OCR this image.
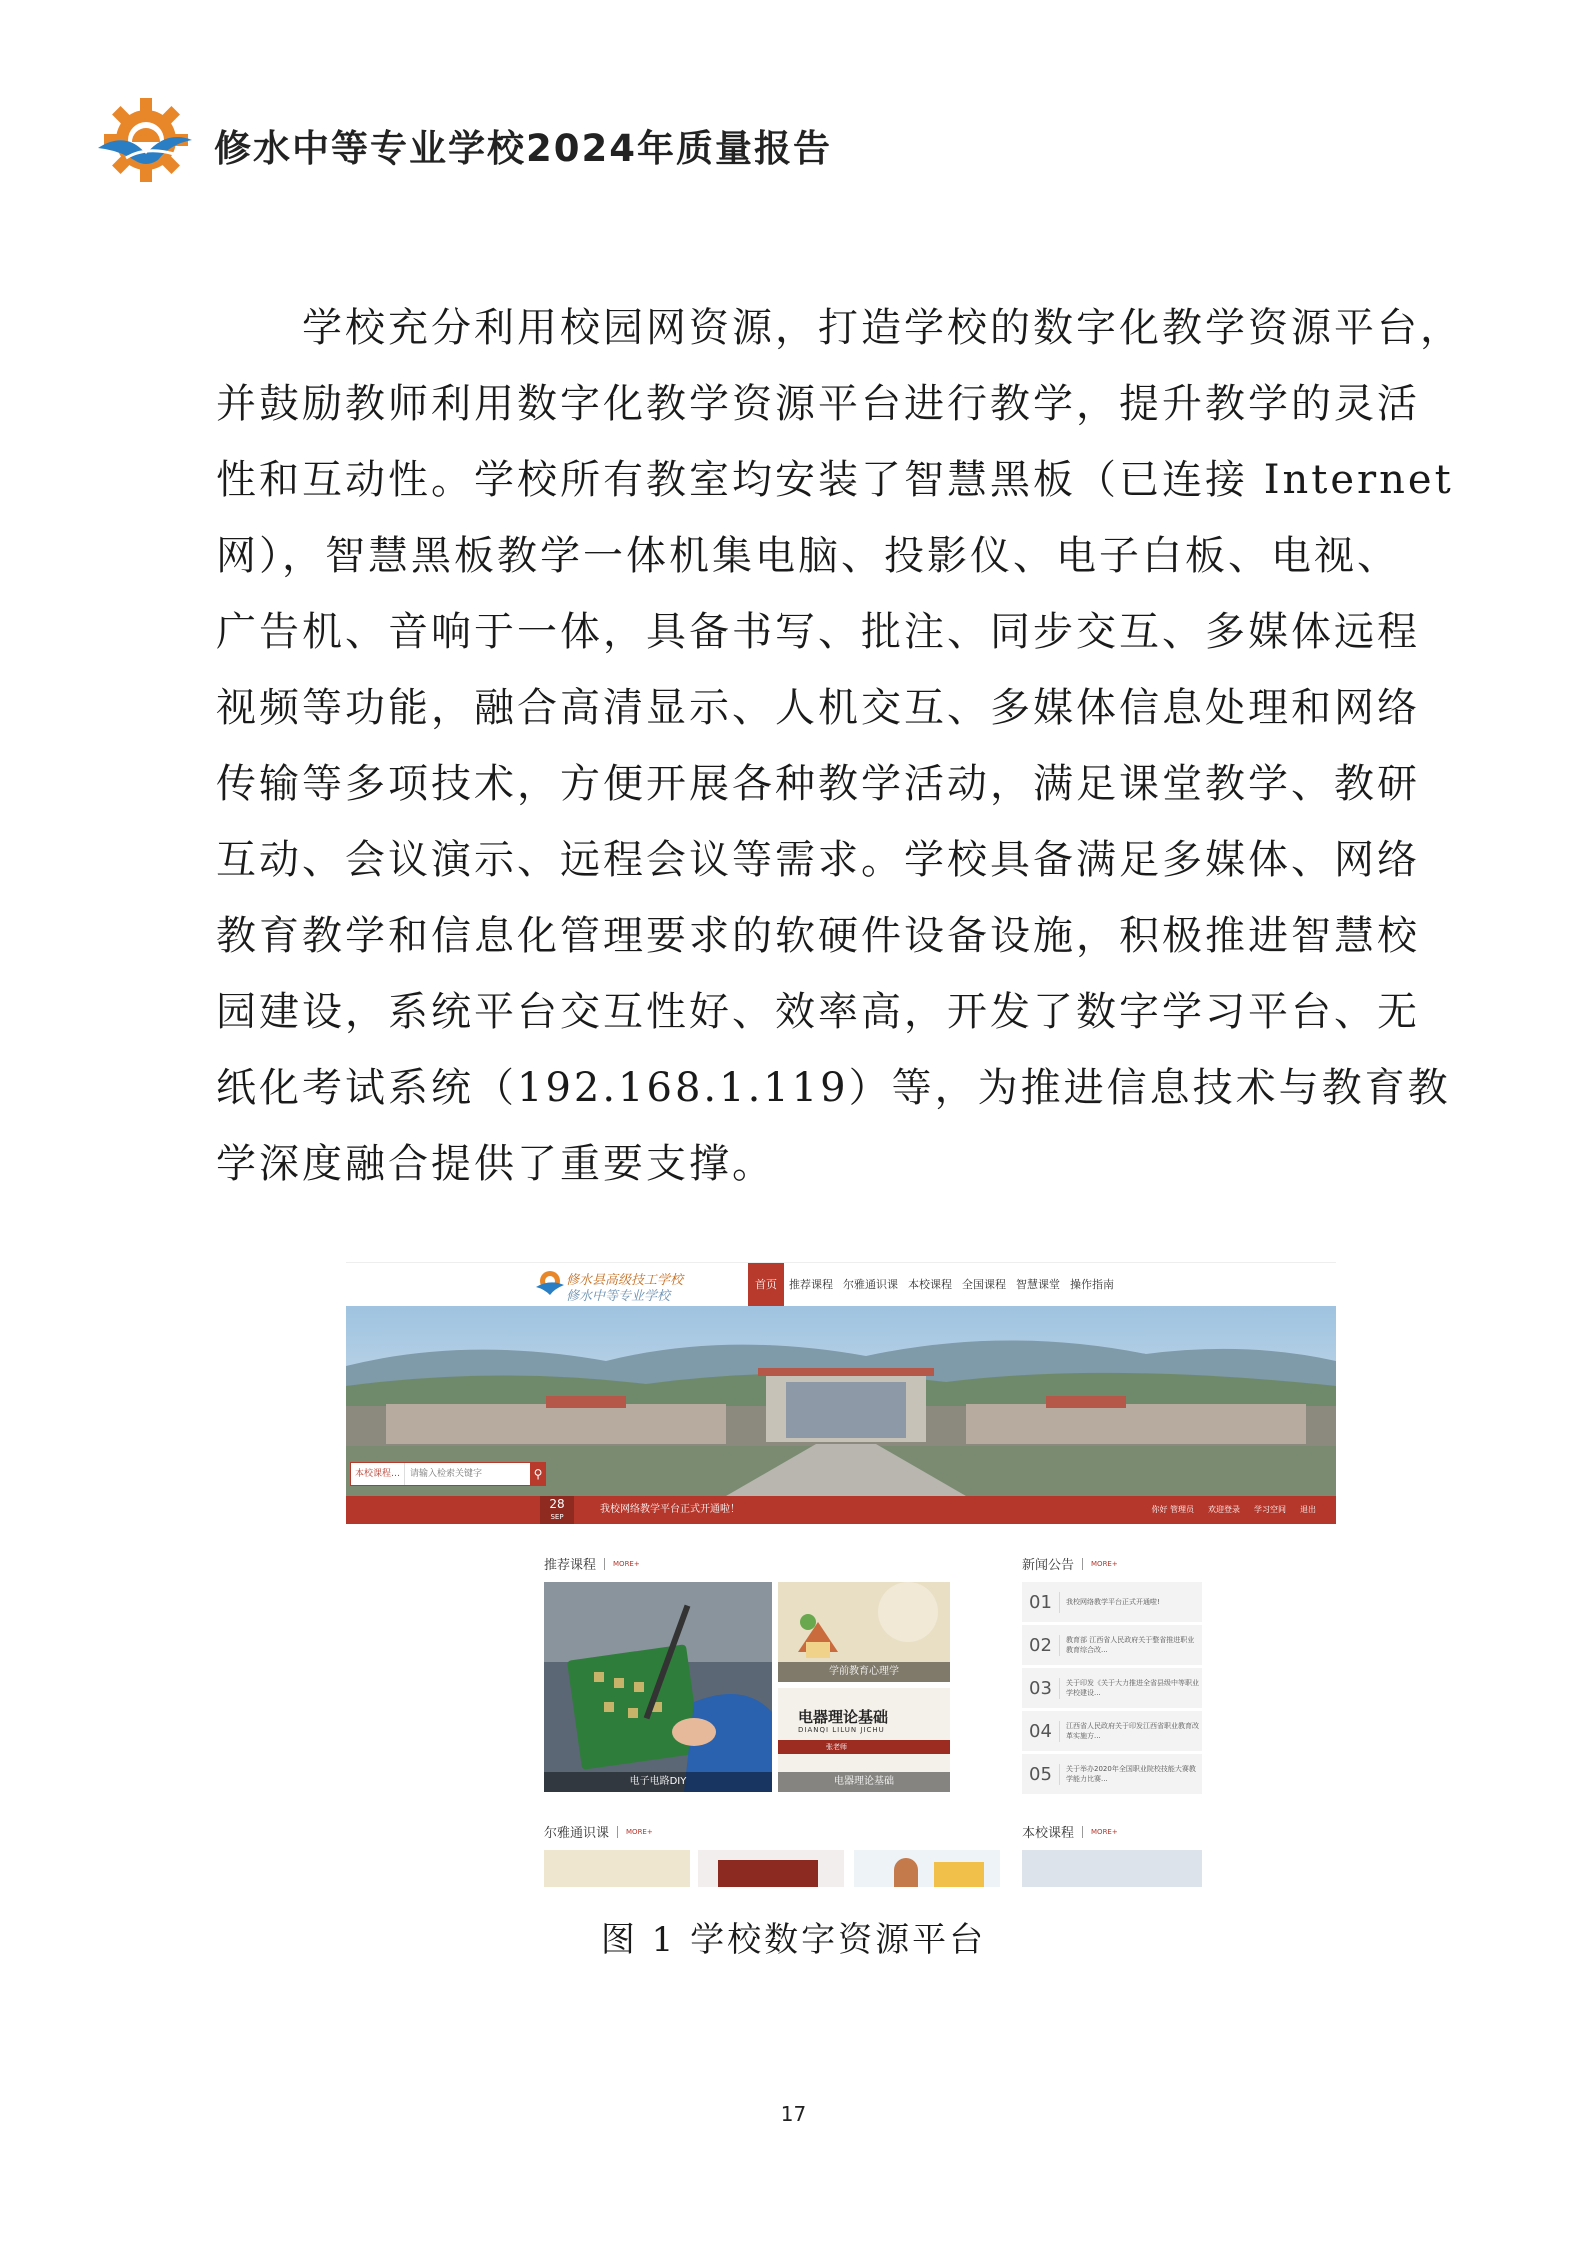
修水中等专业学校2024年质量报告
学校充分利用校园网资源，打造学校的数字化教学资源平台，
并鼓励教师利用数字化教学资源平台进行教学，提升教学的灵活
性和互动性。学校所有教室均安装了智慧黑板（已连接 Internet
网），智慧黑板教学一体机集电脑、投影仪、电子白板、电视、
广告机、音响于一体，具备书写、批注、同步交互、多媒体远程
视频等功能，融合高清显示、人机交互、多媒体信息处理和网络
传输等多项技术，方便开展各种教学活动，满足课堂教学、教研
互动、会议演示、远程会议等需求。学校具备满足多媒体、网络
教育教学和信息化管理要求的软硬件设备设施，积极推进智慧校
园建设，系统平台交互性好、效率高，开发了数字学习平台、无
纸化考试系统（192.168.1.119）等，为推进信息技术与教育教
学深度融合提供了重要支撑。
修水县高级技工学校
修水中等专业学校
首页	推荐课程 尔雅通识课 本校课程 全国课程 智慧课堂 操作指南
本校课程…
请输入检索关键字	⚲
28
SEP
我校网络教学平台正式开通啦！	你好 管理员 欢迎登录 学习空间 退出
推荐课程	MORE+	新闻公告	MORE+
电子电路DIY
学前教育心理学
电器理论基础
DIANQI LILUN JICHU
张老师
电器理论基础
01	我校网络教学平台正式开通啦!
02	教育部 江西省人民政府关于整省推进职业教育综合改...
03	关于印发《关于大力推进全省县级中等职业学校建设...
04	江西省人民政府关于印发江西省职业教育改革实施方...
05	关于举办2020年全国职业院校技能大赛教学能力比赛...
尔雅通识课	MORE+	本校课程	MORE+
图 1 学校数字资源平台
17
